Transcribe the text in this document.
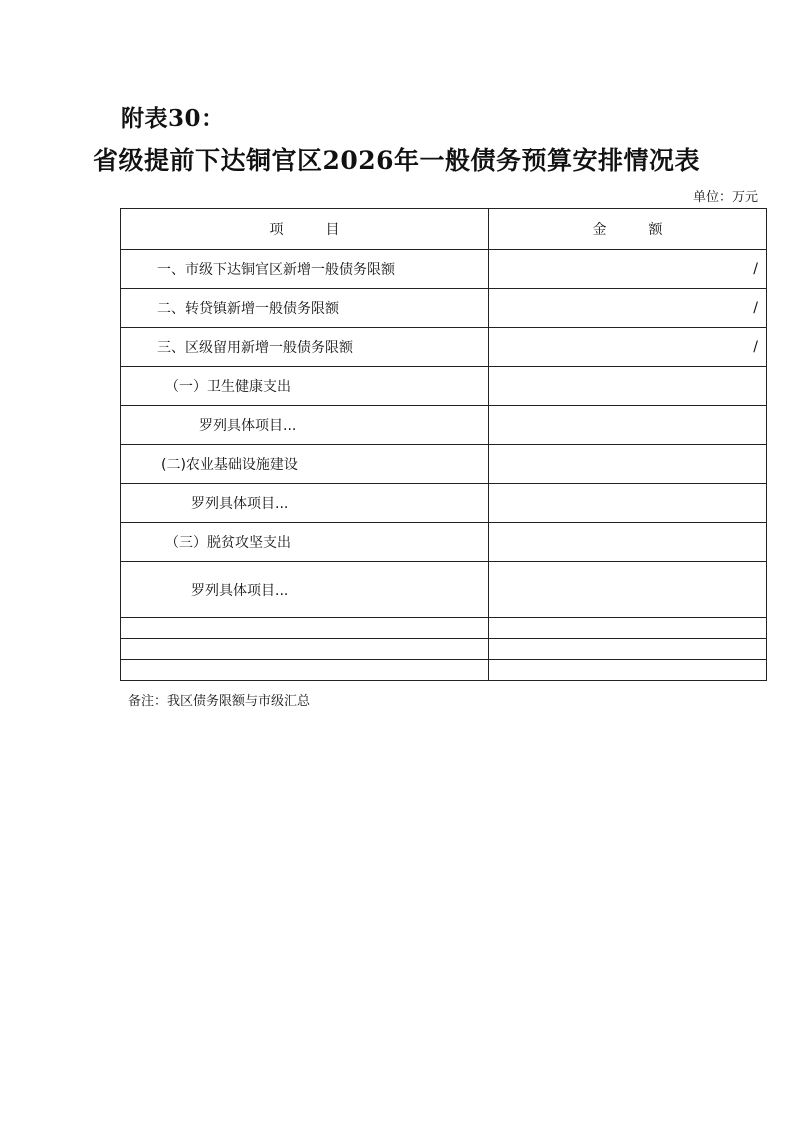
附表30：
省级提前下达铜官区2026年一般债务预算安排情况表
单位：万元
项　　　目	金　　　额
一、市级下达铜官区新增一般债务限额	/
二、转贷镇新增一般债务限额	/
三、区级留用新增一般债务限额	/
（一）卫生健康支出	
罗列具体项目...	
(二)农业基础设施建设	
罗列具体项目...	
（三）脱贫攻坚支出	
罗列具体项目...	

备注：我区债务限额与市级汇总
